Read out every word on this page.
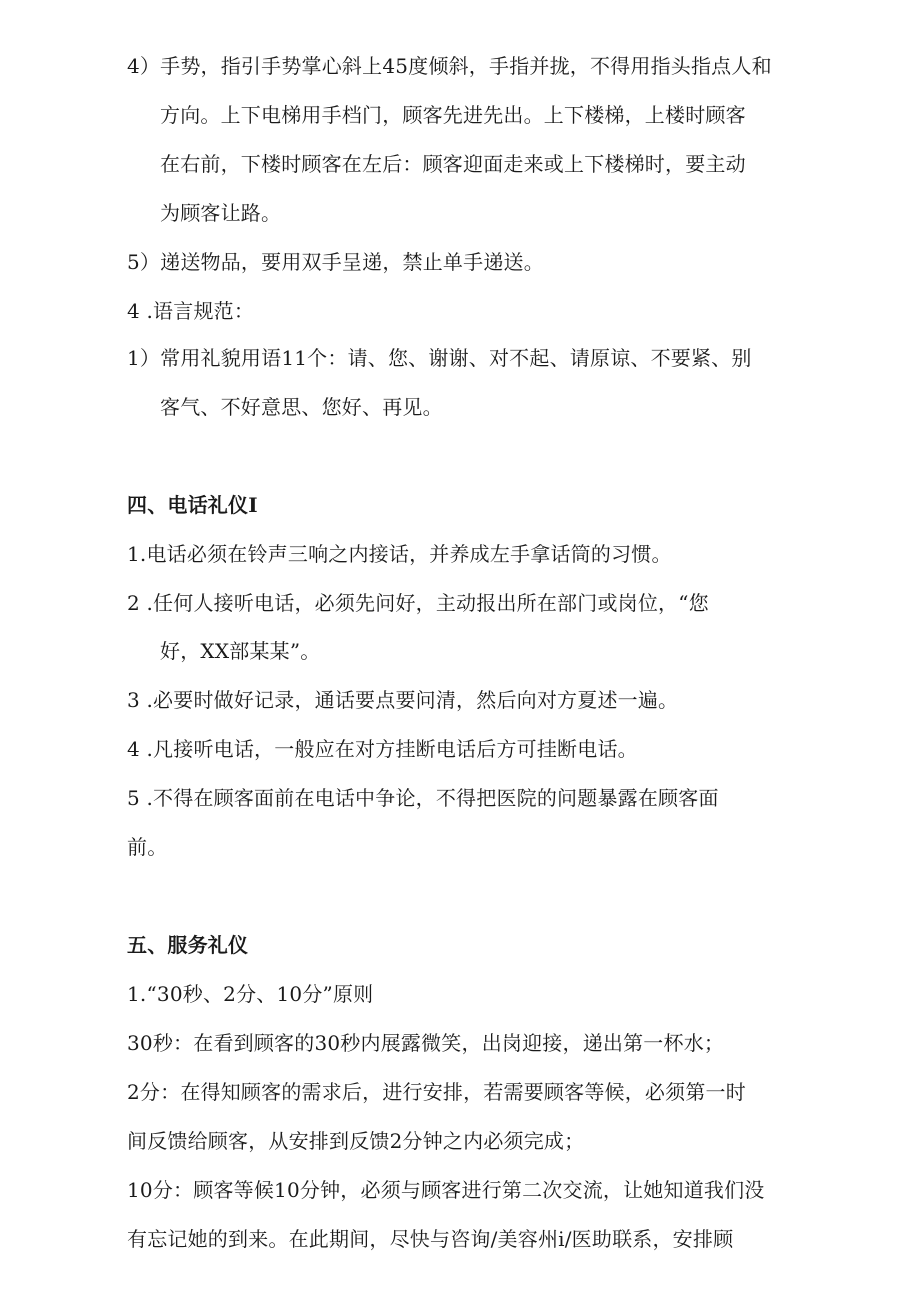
4）手势，指引手势掌心斜上45度倾斜，手指并拢，不得用指头指点人和
方向。上下电梯用手档门，顾客先进先出。上下楼梯，上楼时顾客
在右前，下楼时顾客在左后：顾客迎面走来或上下楼梯时，要主动
为顾客让路。
5）递送物品，要用双手呈递，禁止单手递送。
4 .语言规范：
1）常用礼貌用语11个：请、您、谢谢、对不起、请原谅、不要紧、别
客气、不好意思、您好、再见。
四、电话礼仪I
1.电话必须在铃声三响之内接话，并养成左手拿话筒的习惯。
2 .任何人接听电话，必须先问好，主动报出所在部门或岗位，“您
好，XX部某某”。
3 .必要时做好记录，通话要点要问清，然后向对方夏述一遍。
4 .凡接听电话，一般应在对方挂断电话后方可挂断电话。
5 .不得在顾客面前在电话中争论，不得把医院的问题暴露在顾客面
前。
五、服务礼仪
1.“30秒、2分、10分”原则
30秒：在看到顾客的30秒内展露微笑，出岗迎接，递出第一杯水；
2分：在得知顾客的需求后，进行安排，若需要顾客等候，必须第一时
间反馈给顾客，从安排到反馈2分钟之内必须完成；
10分：顾客等候10分钟，必须与顾客进行第二次交流，让她知道我们没
有忘记她的到来。在此期间，尽快与咨询/美容州i/医助联系，安排顾
